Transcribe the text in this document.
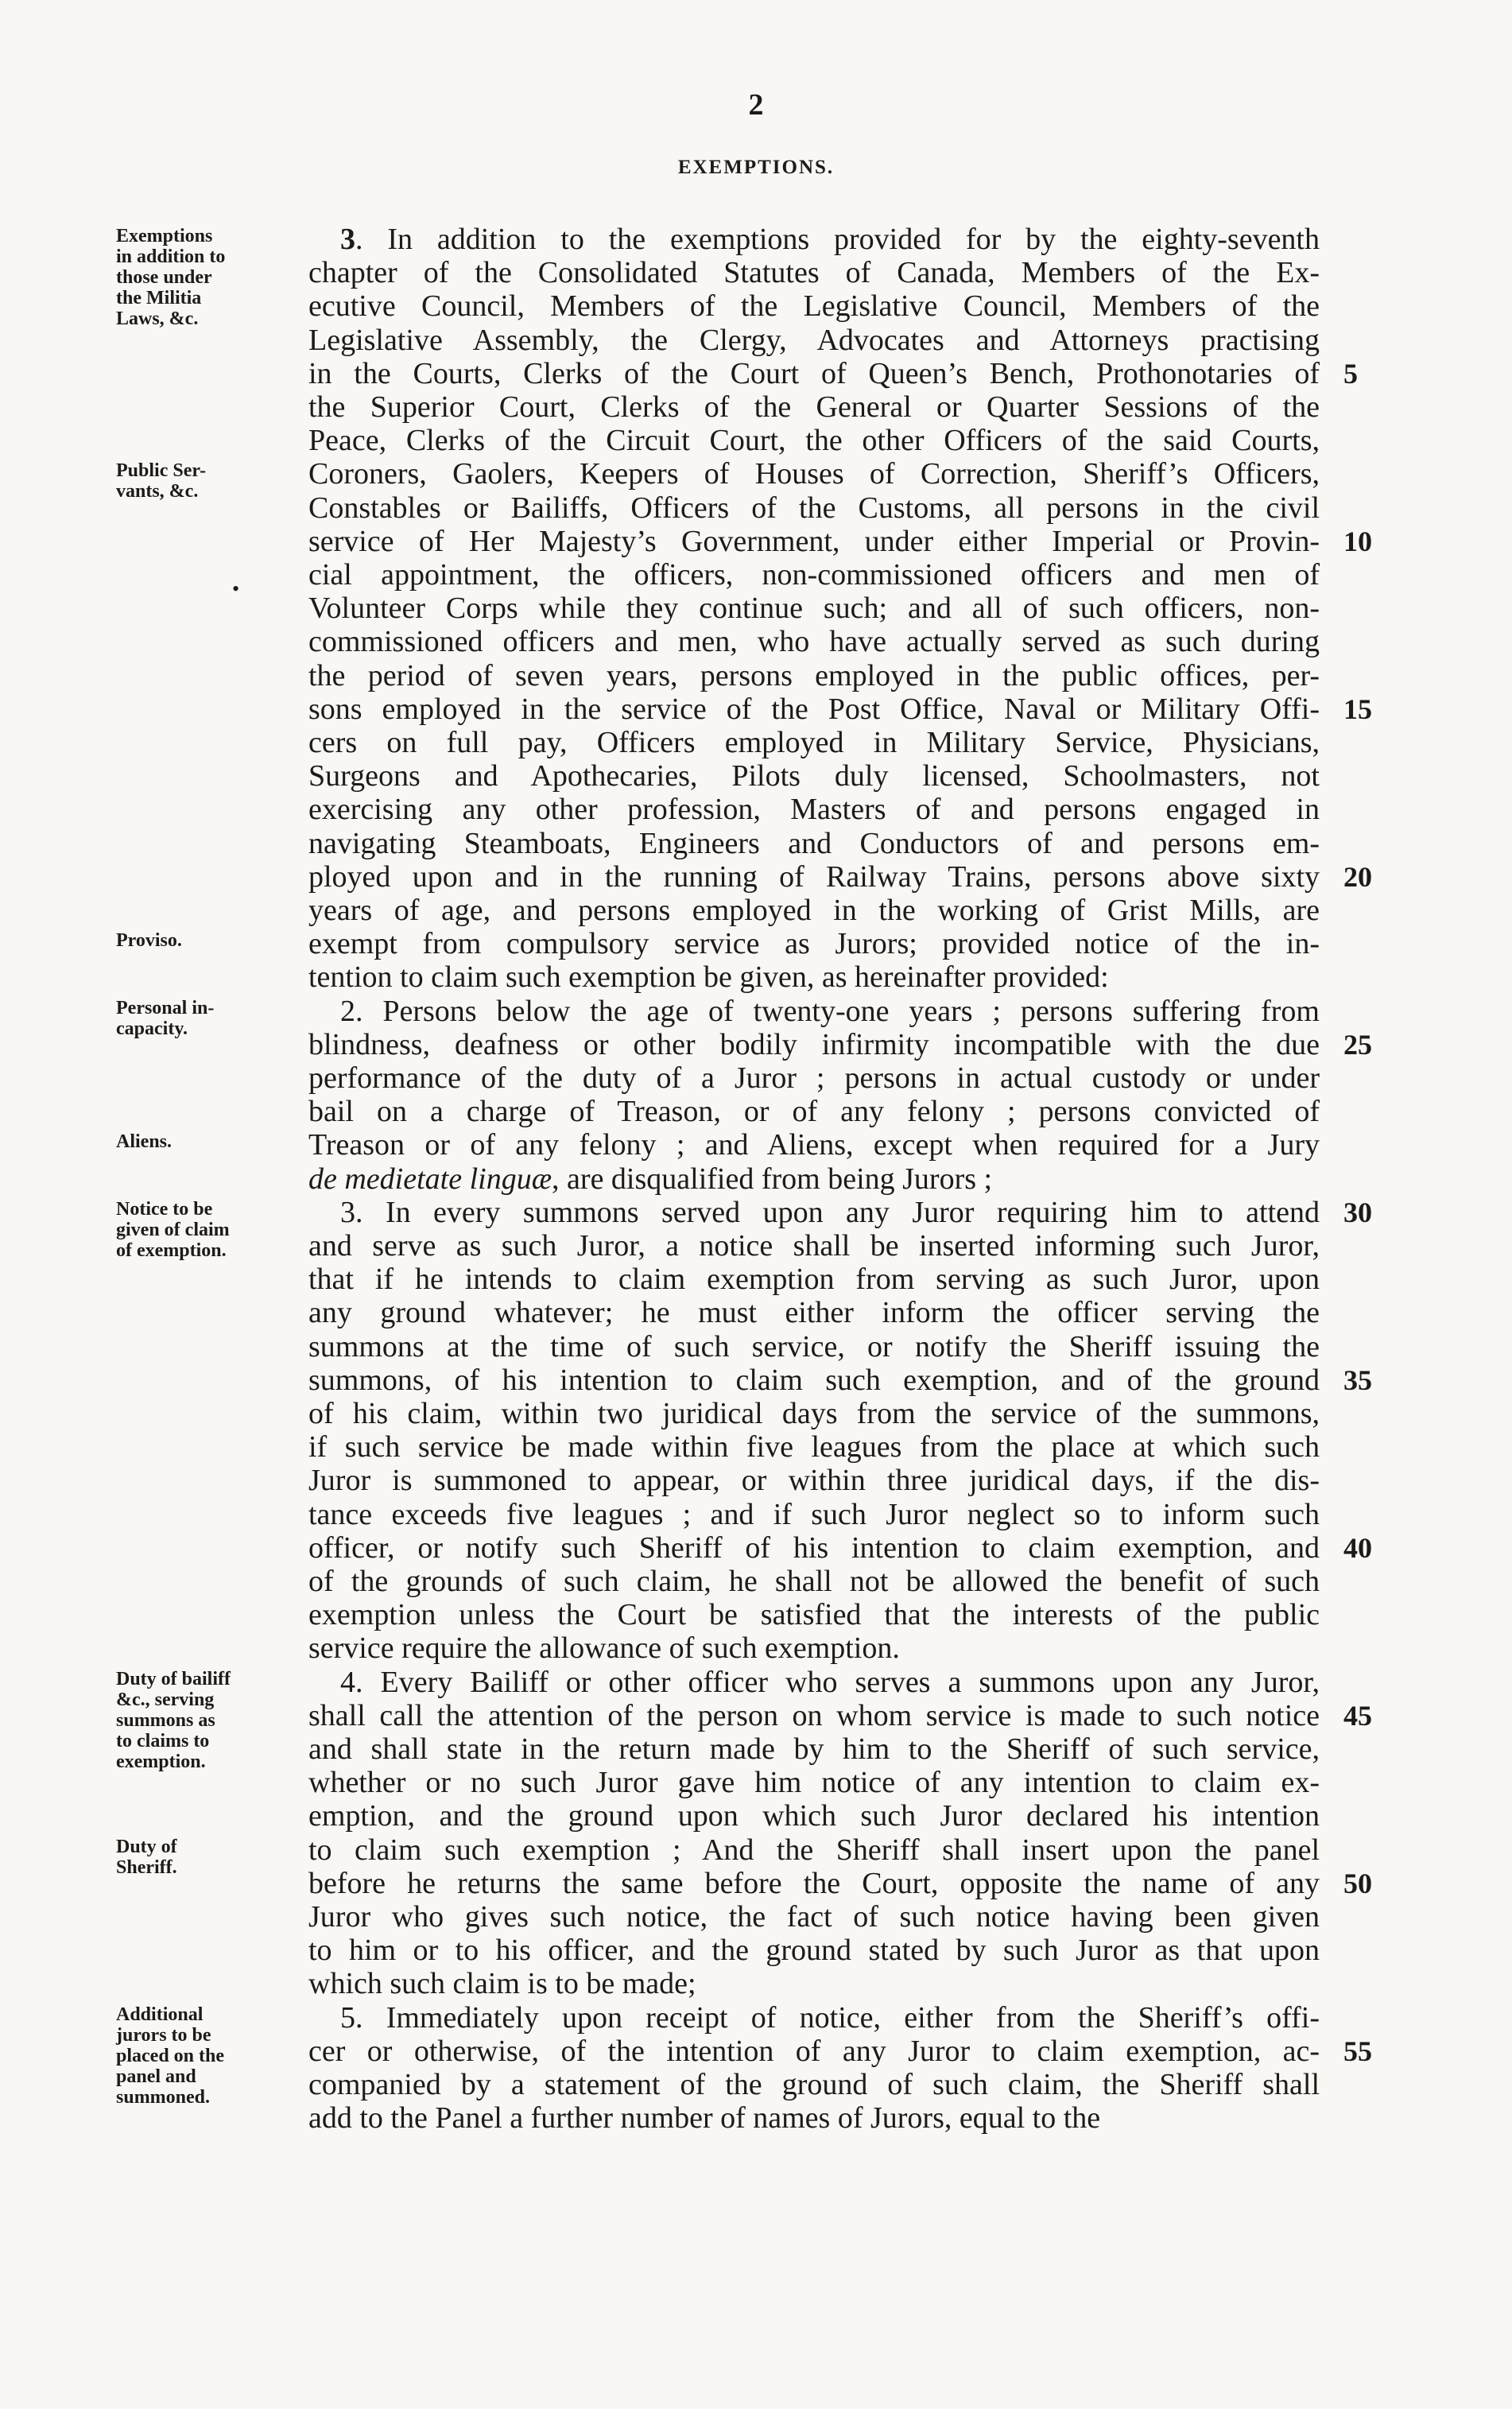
2
EXEMPTIONS.
3. In addition to the exemptions provided for by the eighty-seventh
chapter of the Consolidated Statutes of Canada, Members of the Ex-
ecutive Council, Members of the Legislative Council, Members of the
Legislative Assembly, the Clergy, Advocates and Attorneys practising
in the Courts, Clerks of the Court of Queen’s Bench, Prothonotaries of
the Superior Court, Clerks of the General or Quarter Sessions of the
Peace, Clerks of the Circuit Court, the other Officers of the said Courts,
Coroners, Gaolers, Keepers of Houses of Correction, Sheriff’s Officers,
Constables or Bailiffs, Officers of the Customs, all persons in the civil
service of Her Majesty’s Government, under either Imperial or Provin-
cial appointment, the officers, non-commissioned officers and men of
Volunteer Corps while they continue such; and all of such officers, non-
commissioned officers and men, who have actually served as such during
the period of seven years, persons employed in the public offices, per-
sons employed in the service of the Post Office, Naval or Military Offi-
cers on full pay, Officers employed in Military Service, Physicians,
Surgeons and Apothecaries, Pilots duly licensed, Schoolmasters, not
exercising any other profession, Masters of and persons engaged in
navigating Steamboats, Engineers and Conductors of and persons em-
ployed upon and in the running of Railway Trains, persons above sixty
years of age, and persons employed in the working of Grist Mills, are
exempt from compulsory service as Jurors; provided notice of the in-
tention to claim such exemption be given, as hereinafter provided:
2. Persons below the age of twenty-one years ; persons suffering from
blindness, deafness or other bodily infirmity incompatible with the due
performance of the duty of a Juror ; persons in actual custody or under
bail on a charge of Treason, or of any felony ; persons convicted of
Treason or of any felony ; and Aliens, except when required for a Jury
de medietate linguæ, are disqualified from being Jurors ;
3. In every summons served upon any Juror requiring him to attend
and serve as such Juror, a notice shall be inserted informing such Juror,
that if he intends to claim exemption from serving as such Juror, upon
any ground whatever; he must either inform the officer serving the
summons at the time of such service, or notify the Sheriff issuing the
summons, of his intention to claim such exemption, and of the ground
of his claim, within two juridical days from the service of the summons,
if such service be made within five leagues from the place at which such
Juror is summoned to appear, or within three juridical days, if the dis-
tance exceeds five leagues ; and if such Juror neglect so to inform such
officer, or notify such Sheriff of his intention to claim exemption, and
of the grounds of such claim, he shall not be allowed the benefit of such
exemption unless the Court be satisfied that the interests of the public
service require the allowance of such exemption.
4. Every Bailiff or other officer who serves a summons upon any Juror,
shall call the attention of the person on whom service is made to such notice
and shall state in the return made by him to the Sheriff of such service,
whether or no such Juror gave him notice of any intention to claim ex-
emption, and the ground upon which such Juror declared his intention
to claim such exemption ; And the Sheriff shall insert upon the panel
before he returns the same before the Court, opposite the name of any
Juror who gives such notice, the fact of such notice having been given
to him or to his officer, and the ground stated by such Juror as that upon
which such claim is to be made;
5. Immediately upon receipt of notice, either from the Sheriff’s offi-
cer or otherwise, of the intention of any Juror to claim exemption, ac-
companied by a statement of the ground of such claim, the Sheriff shall
add to the Panel a further number of names of Jurors, equal to the
Exemptions
in addition to
those under
the Militia
Laws, &c.
Public Ser-
vants, &c.
Proviso.
Personal in-
capacity.
Aliens.
Notice to be
given of claim
of exemption.
Duty of bailiff
&c., serving
summons as
to claims to
exemption.
Duty of
Sheriff.
Additional
jurors to be
placed on the
panel and
summoned.
5
10
15
20
25
30
35
40
45
50
55
•
